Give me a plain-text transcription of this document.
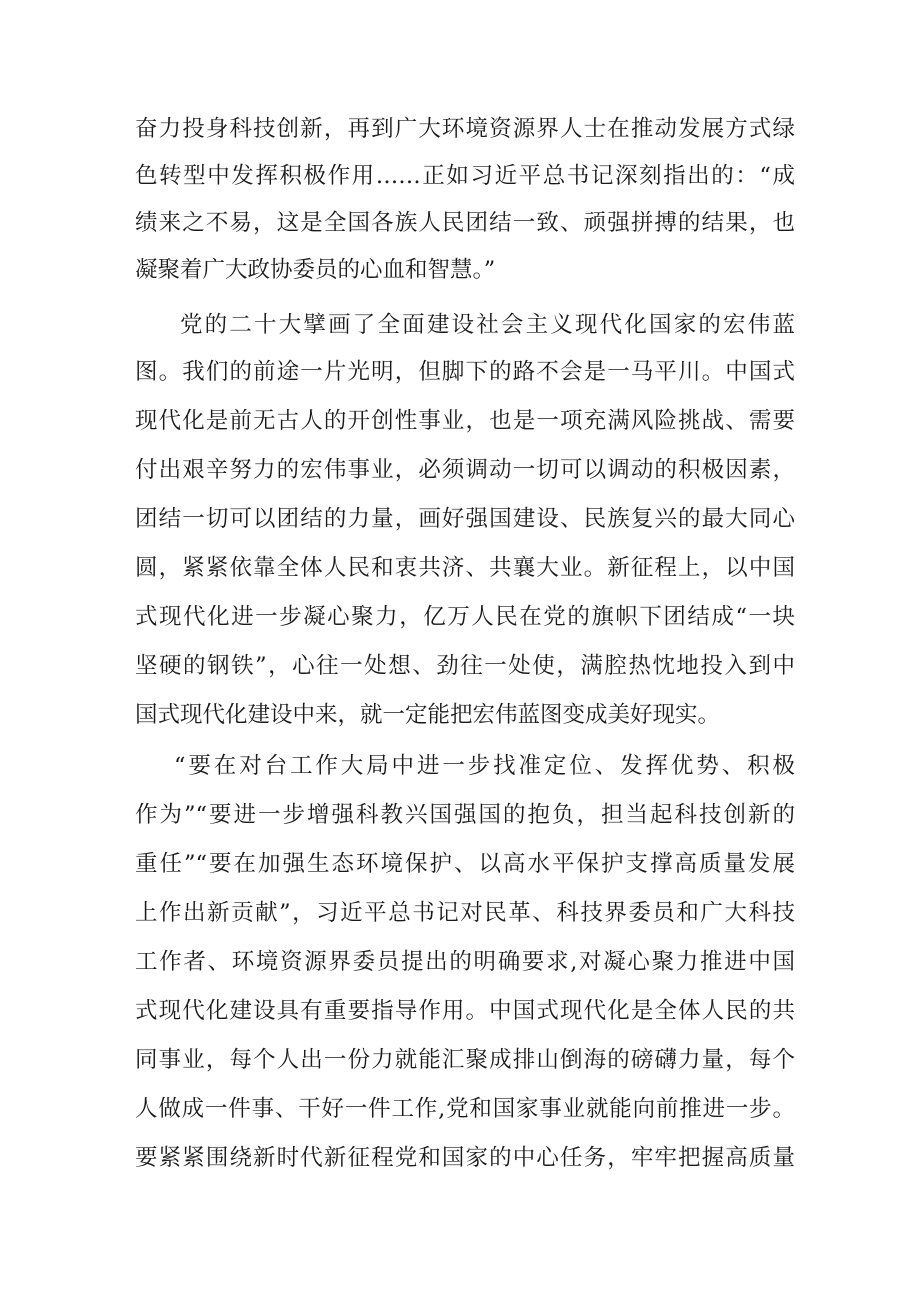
奋力投身科技创新，再到广大环境资源界人士在推动发展方式绿
色转型中发挥积极作用……正如习近平总书记深刻指出的：“成
绩来之不易，这是全国各族人民团结一致、顽强拼搏的结果，也
凝聚着广大政协委员的心血和智慧。”
党的二十大擘画了全面建设社会主义现代化国家的宏伟蓝
图。我们的前途一片光明，但脚下的路不会是一马平川。中国式
现代化是前无古人的开创性事业，也是一项充满风险挑战、需要
付出艰辛努力的宏伟事业，必须调动一切可以调动的积极因素，
团结一切可以团结的力量，画好强国建设、民族复兴的最大同心
圆，紧紧依靠全体人民和衷共济、共襄大业。新征程上，以中国
式现代化进一步凝心聚力，亿万人民在党的旗帜下团结成“一块
坚硬的钢铁”，心往一处想、劲往一处使，满腔热忱地投入到中
国式现代化建设中来，就一定能把宏伟蓝图变成美好现实。
“要在对台工作大局中进一步找准定位、发挥优势、积极
作为”“要进一步增强科教兴国强国的抱负，担当起科技创新的
重任”“要在加强生态环境保护、以高水平保护支撑高质量发展
上作出新贡献”，习近平总书记对民革、科技界委员和广大科技
工作者、环境资源界委员提出的明确要求,对凝心聚力推进中国
式现代化建设具有重要指导作用。中国式现代化是全体人民的共
同事业，每个人出一份力就能汇聚成排山倒海的磅礴力量，每个
人做成一件事、干好一件工作,党和国家事业就能向前推进一步。
要紧紧围绕新时代新征程党和国家的中心任务，牢牢把握高质量
